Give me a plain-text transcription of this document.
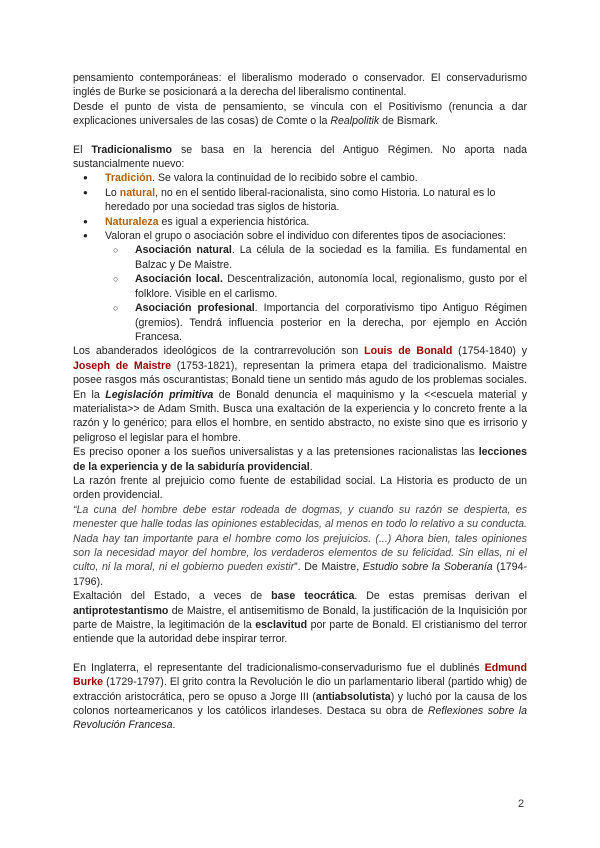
pensamiento contemporáneas: el liberalismo moderado o conservador. El conservadurismo inglés de Burke se posicionará a la derecha del liberalismo continental.

Desde el punto de vista de pensamiento, se vincula con el Positivismo (renuncia a dar explicaciones universales de las cosas) de Comte o la Realpolitik de Bismark.

El Tradicionalismo se basa en la herencia del Antiguo Régimen. No aporta nada sustancialmente nuevo:

● Tradición. Se valora la continuidad de lo recibido sobre el cambio.
● Lo natural, no en el sentido liberal-racionalista, sino como Historia. Lo natural es lo heredado por una sociedad tras siglos de historia.
● Naturaleza es igual a experiencia histórica.
● Valoran el grupo o asociación sobre el individuo con diferentes tipos de asociaciones:
○ Asociación natural. La célula de la sociedad es la familia. Es fundamental en Balzac y De Maistre.
○ Asociación local. Descentralización, autonomía local, regionalismo, gusto por el folklore. Visible en el carlismo.
○ Asociación profesional. Importancia del corporativismo tipo Antiguo Régimen (gremios). Tendrá influencia posterior en la derecha, por ejemplo en Acción Francesa.

Los abanderados ideológicos de la contrarrevolución son Louis de Bonald (1754-1840) y Joseph de Maistre (1753-1821), representan la primera etapa del tradicionalismo. Maistre posee rasgos más oscurantistas; Bonald tiene un sentido más agudo de los problemas sociales. En la Legislación primitiva de Bonald denuncia el maquinismo y la <<escuela material y materialista>> de Adam Smith. Busca una exaltación de la experiencia y lo concreto frente a la razón y lo genérico; para ellos el hombre, en sentido abstracto, no existe sino que es irrisorio y peligroso el legislar para el hombre.

Es preciso oponer a los sueños universalistas y a las pretensiones racionalistas las lecciones de la experiencia y de la sabiduría providencial.

La razón frente al prejuicio como fuente de estabilidad social. La Historia es producto de un orden providencial.

“La cuna del hombre debe estar rodeada de dogmas, y cuando su razón se despierta, es menester que halle todas las opiniones establecidas, al menos en todo lo relativo a su conducta. Nada hay tan importante para el hombre como los prejuicios. (...) Ahora bien, tales opiniones son la necesidad mayor del hombre, los verdaderos elementos de su felicidad. Sin ellas, ni el culto, ni la moral, ni el gobierno pueden existir”. De Maistre, Estudio sobre la Soberanía (1794-1796).

Exaltación del Estado, a veces de base teocrática. De estas premisas derivan el antiprotestantismo de Maistre, el antisemitismo de Bonald, la justificación de la Inquisición por parte de Maistre, la legitimación de la esclavitud por parte de Bonald. El cristianismo del terror entiende que la autoridad debe inspirar terror.

En Inglaterra, el representante del tradicionalismo-conservadurismo fue el dublinés Edmund Burke (1729-1797). El grito contra la Revolución le dio un parlamentario liberal (partido whig) de extracción aristocrática, pero se opuso a Jorge III (antiabsolutista) y luchó por la causa de los colonos norteamericanos y los católicos irlandeses. Destaca su obra de Reflexiones sobre la Revolución Francesa.

2
